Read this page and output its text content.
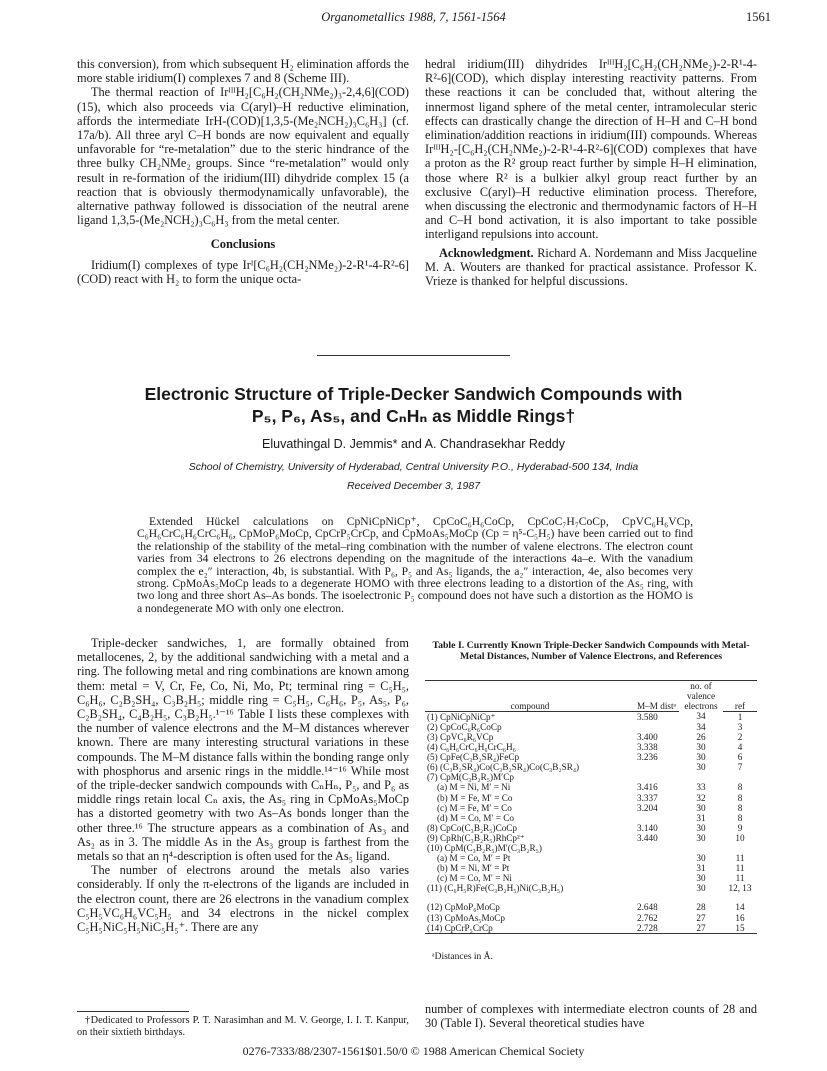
Organometallics 1988, 7, 1561-1564	1561

this conversion), from which subsequent H₂ elimination affords the more stable iridium(I) complexes 7 and 8 (Scheme III).

The thermal reaction of IrᴵᴵᴵH₂[C₆H₂(CH₂NMe₂)₃-2,4,6](COD) (15), which also proceeds via C(aryl)–H reductive elimination, affords the intermediate IrH-(COD)[1,3,5-(Me₂NCH₂)₃C₆H₃] (cf. 17a/b). All three aryl C–H bonds are now equivalent and equally unfavorable for “re-metalation” due to the steric hindrance of the three bulky CH₂NMe₂ groups. Since “re-metalation” would only result in re-formation of the iridium(III) dihydride complex 15 (a reaction that is obviously thermodynamically unfavorable), the alternative pathway followed is dissociation of the neutral arene ligand 1,3,5-(Me₂NCH₂)₃C₆H₃ from the metal center.

Conclusions

Iridium(I) complexes of type Irᴵ[C₆H₂(CH₂NMe₂)-2-R¹-4-R²-6](COD) react with H₂ to form the unique octa-

hedral iridium(III) dihydrides IrᴵᴵᴵH₂[C₆H₂(CH₂NMe₂)-2-R¹-4-R²-6](COD), which display interesting reactivity patterns. From these reactions it can be concluded that, without altering the innermost ligand sphere of the metal center, intramolecular steric effects can drastically change the direction of H–H and C–H bond elimination/addition reactions in iridium(III) compounds. Whereas IrᴵᴵᴵH₂-[C₆H₂(CH₂NMe₂)-2-R¹-4-R²-6](COD) complexes that have a proton as the R² group react further by simple H–H elimination, those where R² is a bulkier alkyl group react further by an exclusive C(aryl)–H reductive elimination process. Therefore, when discussing the electronic and thermodynamic factors of H–H and C–H bond activation, it is also important to take possible interligand repulsions into account.

Acknowledgment. Richard A. Nordemann and Miss Jacqueline M. A. Wouters are thanked for practical assistance. Professor K. Vrieze is thanked for helpful discussions.

Electronic Structure of Triple-Decker Sandwich Compounds with
P₅, P₆, As₅, and CₙHₙ as Middle Rings†
Eluvathingal D. Jemmis* and A. Chandrasekhar Reddy
School of Chemistry, University of Hyderabad, Central University P.O., Hyderabad-500 134, India
Received December 3, 1987

Extended Hückel calculations on CpNiCpNiCp⁺, CpCoC₆H₆CoCp, CpCoC₇H₇CoCp, CpVC₆H₆VCp, C₆H₆CrC₆H₆CrC₆H₆, CpMoP₆MoCp, CpCrP₅CrCp, and CpMoAs₅MoCp (Cp = η⁵-C₅H₅) have been carried out to find the relationship of the stability of the metal–ring combination with the number of valene electrons. The electron count varies from 34 electrons to 26 electrons depending on the magnitude of the interactions 4a–e. With the vanadium complex the e₂″ interaction, 4b, is substantial. With P₆, P₅ and As₅ ligands, the a₂″ interaction, 4e, also becomes very strong. CpMoAs₅MoCp leads to a degenerate HOMO with three electrons leading to a distortion of the As₅ ring, with two long and three short As–As bonds. The isoelectronic P₅ compound does not have such a distortion as the HOMO is a nondegenerate MO with only one electron.

Triple-decker sandwiches, 1, are formally obtained from metallocenes, 2, by the additional sandwiching with a metal and a ring. The following metal and ring combinations are known among them: metal = V, Cr, Fe, Co, Ni, Mo, Pt; terminal ring = C₅H₅, C₆H₆, C₂B₂SH₄, C₃B₂H₅; middle ring = C₅H₅, C₆H₆, P₅, As₅, P₆, C₂B₂SH₄, C₄B₂H₅, C₃B₂H₅.¹⁻¹⁶ Table I lists these complexes with the number of valence electrons and the M–M distances wherever known. There are many interesting structural variations in these compounds. The M–M distance falls within the bonding range only with phosphorus and arsenic rings in the middle.¹⁴⁻¹⁶ While most of the triple-decker sandwich compounds with CₙHₙ, P₅, and P₆ as middle rings retain local Cₙ axis, the As₅ ring in CpMoAs₅MoCp has a distorted geometry with two As–As bonds longer than the other three.¹⁶ The structure appears as a combination of As₃ and As₂ as in 3. The middle As in the As₃ group is farthest from the metals so that an η⁴-description is often used for the As₅ ligand.

The number of electrons around the metals also varies considerably. If only the π-electrons of the ligands are included in the electron count, there are 26 electrons in the vanadium complex C₅H₅VC₆H₆VC₅H₅ and 34 electrons in the nickel complex C₅H₅NiC₅H₅NiC₅H₅⁺. There are any

Table I. Currently Known Triple-Decker Sandwich Compounds with Metal-Metal Distances, Number of Valence Electrons, and References
		no. of valence electrons	
compound	M–M distᵃ		ref
(1) CpNiCpNiCp⁺	3.580	34	1
(2) CpCoC₆R₆CoCp		34	3
(3) CpVC₆R₆VCp	3.400	26	2
(4) C₆H₆CrC₆H₆CrC₆H₆	3.338	30	4
(5) CpFe(C₃B₂SR₄)FeCp	3.236	30	6
(6) (C₃B₂SR₄)Co(C₃B₂SR₄)Co(C₃B₂SR₄)		30	7
(7) CpM(C₃B₂R₅)M′Cp			
(a) M = Ni, M′ = Ni	3.416	33	8
(b) M = Fe, M′ = Co	3.337	32	8
(c) M = Fe, M′ = Co	3.204	30	8
(d) M = Co, M′ = Co		31	8
(8) CpCo(C₃B₂R₅)CoCp	3.140	30	9
(9) CpRh(C₃B₂R₅)RhCp²⁺	3.440	30	10
(10) CpM(C₃B₂R₅)M′(C₃B₂R₅)			
(a) M = Co, M′ = Pt		30	11
(b) M = Ni, M′ = Pt		31	11
(c) M = Co, M′ = Ni		30	11
(11) (C₆H₅R)Fe(C₃B₂H₅)Ni(C₃B₂H₅)		30	12, 13
(12) CpMoP₆MoCp	2.648	28	14
(13) CpMoAs₅MoCp	2.762	27	16
(14) CpCrP₅CrCp	2.728	27	15
ᵃDistances in Å.

number of complexes with intermediate electron counts of 28 and 30 (Table I). Several theoretical studies have

†Dedicated to Professors P. T. Narasimhan and M. V. George, I. I. T. Kanpur, on their sixtieth birthdays.
0276-7333/88/2307-1561$01.50/0 © 1988 American Chemical Society
